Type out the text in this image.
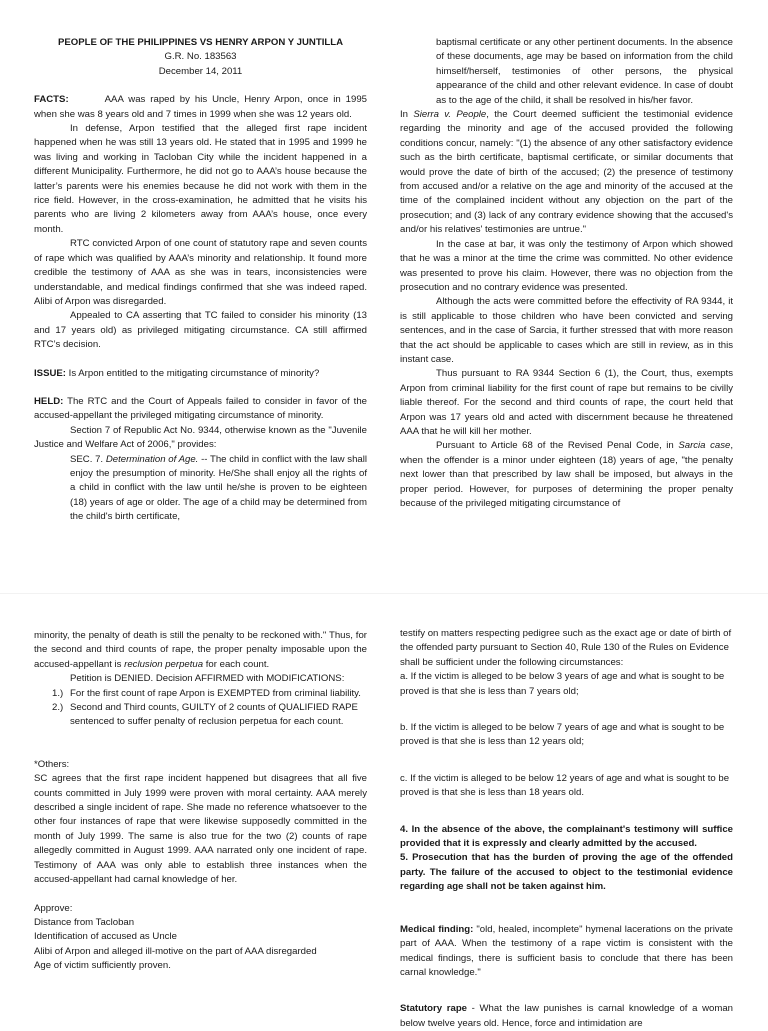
PEOPLE OF THE PHILIPPINES VS HENRY ARPON Y JUNTILLA

G.R. No. 183563

December 14, 2011

FACTS:	AAA was raped by his Uncle, Henry Arpon, once in 1995 when she was 8 years old and 7 times in 1999 when she was 12 years old.

In defense, Arpon testified that the alleged first rape incident happened when he was still 13 years old. He stated that in 1995 and 1999 he was living and working in Tacloban City while the incident happened in a different Municipality. Furthermore, he did not go to AAA’s house because the latter’s parents were his enemies because he did not work with them in the rice field. However, in the cross-examination, he admitted that he visits his parents who are living 2 kilometers away from AAA’s house, once every month.

RTC convicted Arpon of one count of statutory rape and seven counts of rape which was qualified by AAA’s minority and relationship. It found more credible the testimony of AAA as she was in tears, inconsistencies were understandable, and medical findings confirmed that she was indeed raped. Alibi of Arpon was disregarded.

Appealed to CA asserting that TC failed to consider his minority (13 and 17 years old) as privileged mitigating circumstance. CA still affirmed RTC’s decision.

ISSUE: Is Arpon entitled to the mitigating circumstance of minority?

HELD: The RTC and the Court of Appeals failed to consider in favor of the accused-appellant the privileged mitigating circumstance of minority.

Section 7 of Republic Act No. 9344, otherwise known as the "Juvenile Justice and Welfare Act of 2006," provides:

SEC. 7. Determination of Age. -- The child in conflict with the law shall enjoy the presumption of minority. He/She shall enjoy all the rights of a child in conflict with the law until he/she is proven to be eighteen (18) years of age or older. The age of a child may be determined from the child's birth certificate,

baptismal certificate or any other pertinent documents. In the absence of these documents, age may be based on information from the child himself/herself, testimonies of other persons, the physical appearance of the child and other relevant evidence. In case of doubt as to the age of the child, it shall be resolved in his/her favor.

In Sierra v. People, the Court deemed sufficient the testimonial evidence regarding the minority and age of the accused provided the following conditions concur, namely: "(1) the absence of any other satisfactory evidence such as the birth certificate, baptismal certificate, or similar documents that would prove the date of birth of the accused; (2) the presence of testimony from accused and/or a relative on the age and minority of the accused at the time of the complained incident without any objection on the part of the prosecution; and (3) lack of any contrary evidence showing that the accused's and/or his relatives' testimonies are untrue."

In the case at bar, it was only the testimony of Arpon which showed that he was a minor at the time the crime was committed. No other evidence was presented to prove his claim. However, there was no objection from the prosecution and no contrary evidence was presented.

Although the acts were committed before the effectivity of RA 9344, it is still applicable to those children who have been convicted and serving sentences, and in the case of Sarcia, it further stressed that with more reason that the act should be applicable to cases which are still in review, as in this instant case.

Thus pursuant to RA 9344 Section 6 (1), the Court, thus, exempts Arpon from criminal liability for the first count of rape but remains to be civilly liable thereof. For the second and third counts of rape, the court held that Arpon was 17 years old and acted with discernment because he threatened AAA that he will kill her mother.

Pursuant to Article 68 of the Revised Penal Code, in Sarcia case, when the offender is a minor under eighteen (18) years of age, "the penalty next lower than that prescribed by law shall be imposed, but always in the proper period. However, for purposes of determining the proper penalty because of the privileged mitigating circumstance of

minority, the penalty of death is still the penalty to be reckoned with." Thus, for the second and third counts of rape, the proper penalty imposable upon the accused-appellant is reclusion perpetua for each count.

Petition is DENIED. Decision AFFIRMED with MODIFICATIONS:

1.) For the first count of rape Arpon is EXEMPTED from criminal liability.
2.) Second and Third counts, GUILTY of 2 counts of QUALIFIED RAPE sentenced to suffer penalty of reclusion perpetua for each count.

*Others:

SC agrees that the first rape incident happened but disagrees that all five counts committed in July 1999 were proven with moral certainty. AAA merely described a single incident of rape. She made no reference whatsoever to the other four instances of rape that were likewise supposedly committed in the month of July 1999. The same is also true for the two (2) counts of rape allegedly committed in August 1999. AAA narrated only one incident of rape. Testimony of AAA was only able to establish three instances when the accused-appellant had carnal knowledge of her.

Approve:

Distance from Tacloban

Identification of accused as Uncle

Alibi of Arpon and alleged ill-motive on the part of AAA disregarded

Age of victim sufficiently proven.

testify on matters respecting pedigree such as the exact age or date of birth of the offended party pursuant to Section 40, Rule 130 of the Rules on Evidence shall be sufficient under the following circumstances:

a. If the victim is alleged to be below 3 years of age and what is sought to be proved is that she is less than 7 years old;

b. If the victim is alleged to be below 7 years of age and what is sought to be proved is that she is less than 12 years old;

c. If the victim is alleged to be below 12 years of age and what is sought to be proved is that she is less than 18 years old.

4. In the absence of the above, the complainant's testimony will suffice provided that it is expressly and clearly admitted by the accused.

5. Prosecution that has the burden of proving the age of the offended party. The failure of the accused to object to the testimonial evidence regarding age shall not be taken against him.

Medical finding: "old, healed, incomplete" hymenal lacerations on the private part of AAA. When the testimony of a rape victim is consistent with the medical findings, there is sufficient basis to conclude that there has been carnal knowledge."

Statutory rape - What the law punishes is carnal knowledge of a woman below twelve years old. Hence, force and intimidation are
